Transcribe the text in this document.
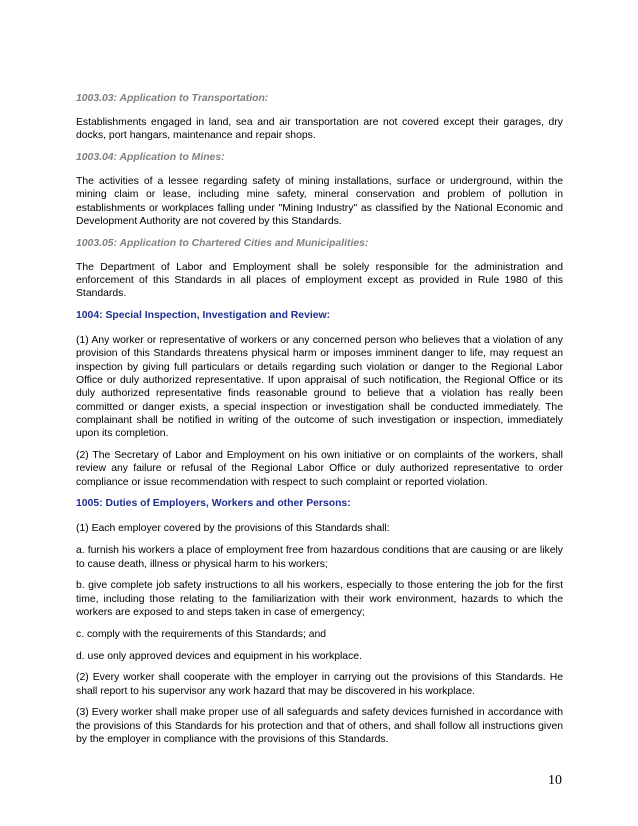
1003.03: Application to Transportation:

Establishments engaged in land, sea and air transportation are not covered except their garages, dry docks, port hangars, maintenance and repair shops.

1003.04: Application to Mines:

The activities of a lessee regarding safety of mining installations, surface or underground, within the mining claim or lease, including mine safety, mineral conservation and problem of pollution in establishments or workplaces falling under "Mining Industry" as classified by the National Economic and Development Authority are not covered by this Standards.

1003.05: Application to Chartered Cities and Municipalities:

The Department of Labor and Employment shall be solely responsible for the administration and enforcement of this Standards in all places of employment except as provided in Rule 1980 of this Standards.

1004: Special Inspection, Investigation and Review:

(1) Any worker or representative of workers or any concerned person who believes that a violation of any provision of this Standards threatens physical harm or imposes imminent danger to life, may request an inspection by giving full particulars or details regarding such violation or danger to the Regional Labor Office or duly authorized representative. If upon appraisal of such notification, the Regional Office or its duly authorized representative finds reasonable ground to believe that a violation has really been committed or danger exists, a special inspection or investigation shall be conducted immediately. The complainant shall be notified in writing of the outcome of such investigation or inspection, immediately upon its completion.

(2) The Secretary of Labor and Employment on his own initiative or on complaints of the workers, shall review any failure or refusal of the Regional Labor Office or duly authorized representative to order compliance or issue recommendation with respect to such complaint or reported violation.

1005: Duties of Employers, Workers and other Persons:

(1) Each employer covered by the provisions of this Standards shall:

a. furnish his workers a place of employment free from hazardous conditions that are causing or are likely to cause death, illness or physical harm to his workers;

b. give complete job safety instructions to all his workers, especially to those entering the job for the first time, including those relating to the familiarization with their work environment, hazards to which the workers are exposed to and steps taken in case of emergency;

c. comply with the requirements of this Standards; and

d. use only approved devices and equipment in his workplace.

(2) Every worker shall cooperate with the employer in carrying out the provisions of this Standards. He shall report to his supervisor any work hazard that may be discovered in his workplace.

(3) Every worker shall make proper use of all safeguards and safety devices furnished in accordance with the provisions of this Standards for his protection and that of others, and shall follow all instructions given by the employer in compliance with the provisions of this Standards.

10
